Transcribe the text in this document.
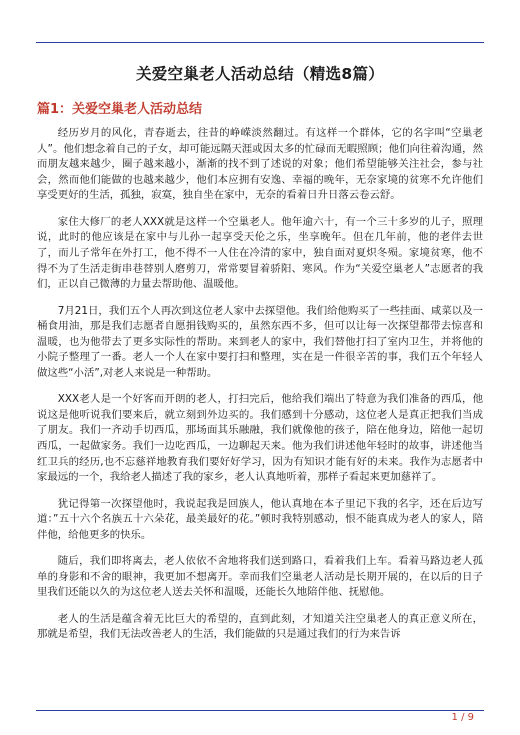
关爱空巢老人活动总结（精选8篇）
篇1：关爱空巢老人活动总结

经历岁月的风化，青春逝去，往昔的峥嵘淡然翻过。有这样一个群体，它的名字叫“空巢老人”。他们想念着自己的子女，却可能远隔天涯或因太多的忙碌而无暇照顾；他们向往着沟通，然而朋友越来越少，圈子越来越小，渐渐的找不到了述说的对象；他们希望能够关注社会，参与社会，然而他们能做的也越来越少，他们本应拥有安逸、幸福的晚年，无奈家境的贫寒不允许他们享受更好的生活，孤独，寂寞，独自坐在家中，无奈的看着日升日落云卷云舒。

家住大修厂的老人XXX就是这样一个空巢老人。他年逾六十，有一个三十多岁的儿子，照理说，此时的他应该是在家中与儿孙一起享受天伦之乐，坐享晚年。但在几年前，他的老伴去世了，而儿子常年在外打工，他不得不一人住在冷清的家中，独自面对夏炽冬殒。家境贫寒，他不得不为了生活走街串巷替别人磨剪刀，常常要冒着骄阳、寒风。作为“关爱空巢老人”志愿者的我们，正以自己微薄的力量去帮助他、温暖他。

7月21日，我们五个人再次到这位老人家中去探望他。我们给他购买了一些挂面、咸菜以及一桶食用油，那是我们志愿者自愿捐钱购买的，虽然东西不多，但可以让每一次探望都带去惊喜和温暖，也为他带去了更多实际性的帮助。来到老人的家中，我们替他打扫了室内卫生，并将他的小院子整理了一番。老人一个人在家中要打扫和整理，实在是一件很辛苦的事，我们五个年轻人做这些“小活”,对老人来说是一种帮助。

XXX老人是一个好客而开朗的老人，打扫完后，他给我们端出了特意为我们准备的西瓜，他说这是他听说我们要来后，就立刻到外边买的。我们感到十分感动，这位老人是真正把我们当成了朋友。我们一齐动手切西瓜，那场面其乐融融，我们就像他的孩子，陪在他身边，陪他一起切西瓜，一起做家务。我们一边吃西瓜，一边聊起天来。他为我们讲述他年轻时的故事，讲述他当红卫兵的经历,也不忘慈祥地教育我们要好好学习，因为有知识才能有好的未来。我作为志愿者中家最远的一个，我给老人描述了我的家乡，老人认真地听着，那样子看起来更加慈祥了。

犹记得第一次探望他时，我说起我是回族人，他认真地在本子里记下我的名字，还在后边写道：”五十六个名族五十六朵花，最美最好的花。”顿时我特别感动，恨不能真成为老人的家人，陪伴他，给他更多的快乐。

随后，我们即将离去，老人依依不舍地将我们送到路口，看着我们上车。看着马路边老人孤单的身影和不舍的眼神，我更加不想离开。幸而我们空巢老人活动是长期开展的，在以后的日子里我们还能以久的为这位老人送去关怀和温暖，还能长久地陪伴他、抚慰他。

老人的生活是蕴含着无比巨大的希望的，直到此刻，才知道关注空巢老人的真正意义所在，那就是希望，我们无法改善老人的生活，我们能做的只是通过我们的行为来告诉

1 / 9
